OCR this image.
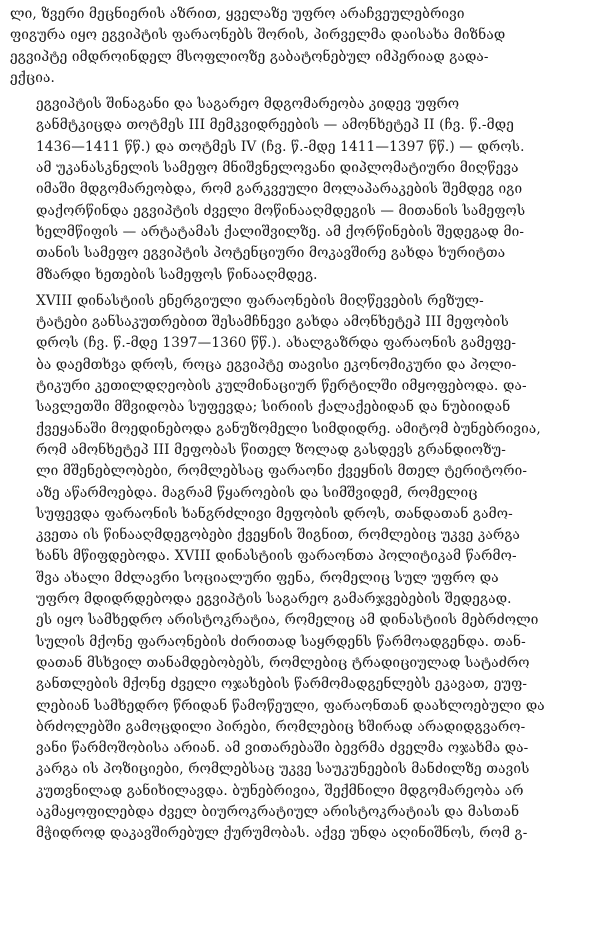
ლი, ზვერი მეცნიერის აზრით, ყველაზე უფრო არაჩვეულებრივი
ფიგურა იყო ეგვიპტის ფარაონებს შორის, პირველმა დაისახა მიზნად
ეგვიპტე იმდროინდელ მსოფლიოზე გაბატონებულ იმპერიად გადა-
ექცია.

ეგვიპტის შინაგანი და საგარეო მდგომარეობა კიდევ უფრო
განმტკიცდა თოტმეს III მემკვიდრეების — ამონხეტეპ II (ჩვ. წ.-მდე
1436—1411 წწ.) და თოტმეს IV (ჩვ. წ.-მდე 1411—1397 წწ.) — დროს.
ამ უკანასკნელის სამეფო მნიშვნელოვანი დიპლომატიური მიღწევა
იმაში მდგომარეობდა, რომ გარკვეული მოლაპარაკების შემდეგ იგი
დაქორწინდა ეგვიპტის ძველი მოწინააღმდეგის — მითანის სამეფოს
ხელმწიფის — არტატამას ქალიშვილზე. ამ ქორწინების შედეგად მი-
თანის სამეფო ეგვიპტის პოტენციური მოკავშირე გახდა ხურიტთა
მზარდი ხეთების სამეფოს წინააღმდეგ.

XVIII დინასტიის ენერგიული ფარაონების მიღწევების რეზულ-
ტატები განსაკუთრებით შესამჩნევი გახდა ამონხეტეპ III მეფობის
დროს (ჩვ. წ.-მდე 1397—1360 წწ.). ახალგაზრდა ფარაონის გამეფე-
ბა დაემთხვა დროს, როცა ეგვიპტე თავისი ეკონომიკური და პოლი-
ტიკური კეთილდღეობის კულმინაციურ წერტილში იმყოფებოდა. და-
სავლეთში მშვიდობა სუფევდა; სირიის ქალაქებიდან და ნუბიიდან
ქვეყანაში მოედინებოდა განუზომელი სიმდიდრე. ამიტომ ბუნებრივია,
რომ ამონხეტეპ III მეფობას წითელ ზოლად გასდევს გრანდიოზუ-
ლი მშენებლობები, რომლებსაც ფარაონი ქვეყნის მთელ ტერიტორი-
აზე აწარმოებდა. მაგრამ წყაროების და სიმშვიდემ, რომელიც
სუფევდა ფარაონის ხანგრძლივი მეფობის დროს, თანდათან გამო-
კვეთა ის წინააღმდეგობები ქვეყნის შიგნით, რომლებიც უკვე კარგა
ხანს მწიფდებოდა. XVIII დინასტიის ფარაონთა პოლიტიკამ წარმო-
შვა ახალი მძლავრი სოციალური ფენა, რომელიც სულ უფრო და
უფრო მდიდრდებოდა ეგვიპტის საგარეო გამარჯვებების შედეგად.
ეს იყო სამხედრო არისტოკრატია, რომელიც ამ დინასტიის მებრძოლი
სულის მქონე ფარაონების ძირითად საყრდენს წარმოადგენდა. თან-
დათან მსხვილ თანამდებობებს, რომლებიც ტრადიციულად სატაძრო
განთლების მქონე ძველი ოჯახების წარმომადგენლებს ეკავათ, ეუფ-
ლებიან სამხედრო წრიდან წამოწეული, ფარაონთან დაახლოებული და
ბრძოლებში გამოცდილი პირები, რომლებიც ხშირად არადიდგვარო-
ვანი წარმოშობისა არიან. ამ ვითარებაში ბევრმა ძველმა ოჯახმა და-
კარგა ის პოზიციები, რომლებსაც უკვე საუკუნეების მანძილზე თავის
კუთვნილად განიხილავდა. ბუნებრივია, შექმნილი მდგომარეობა არ
აკმაყოფილებდა ძველ ბიუროკრატიულ არისტოკრატიას და მასთან
მჭიდროდ დაკავშირებულ ქურუმობას. აქვე უნდა აღინიშნოს, რომ გ-
